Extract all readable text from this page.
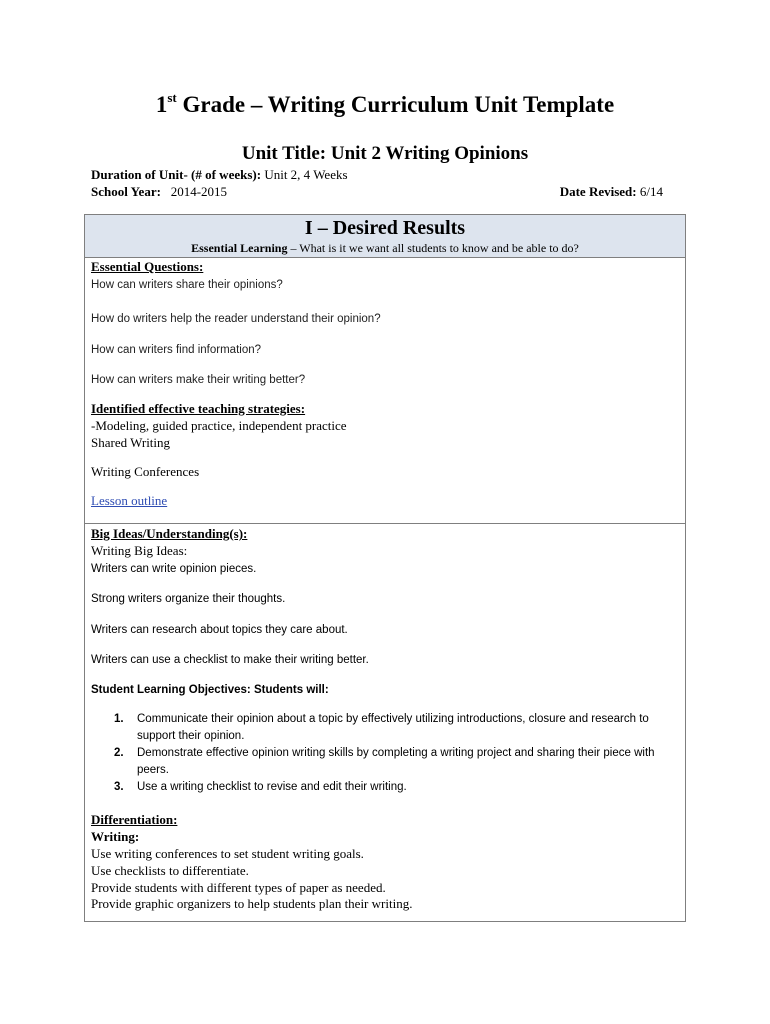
1st Grade – Writing Curriculum Unit Template
Unit Title: Unit 2 Writing Opinions
Duration of Unit- (# of weeks): Unit 2, 4 Weeks
School Year:   2014-2015	Date Revised: 6/14
I – Desired Results
Essential Learning – What is it we want all students to know and be able to do?
Essential Questions:
How can writers share their opinions?
How do writers help the reader understand their opinion?
How can writers find information?
How can writers make their writing better?
Identified effective teaching strategies:
-Modeling, guided practice, independent practice
Shared Writing
Writing Conferences
Lesson outline
Big Ideas/Understanding(s):
Writing Big Ideas:
Writers can write opinion pieces.
Strong writers organize their thoughts.
Writers can research about topics they care about.
Writers can use a checklist to make their writing better.
Student Learning Objectives: Students will:
1. Communicate their opinion about a topic by effectively utilizing introductions, closure and research to support their opinion.
2. Demonstrate effective opinion writing skills by completing a writing project and sharing their piece with peers.
3. Use a writing checklist to revise and edit their writing.
Differentiation:
Writing:
Use writing conferences to set student writing goals.
Use checklists to differentiate.
Provide students with different types of paper as needed.
Provide graphic organizers to help students plan their writing.
